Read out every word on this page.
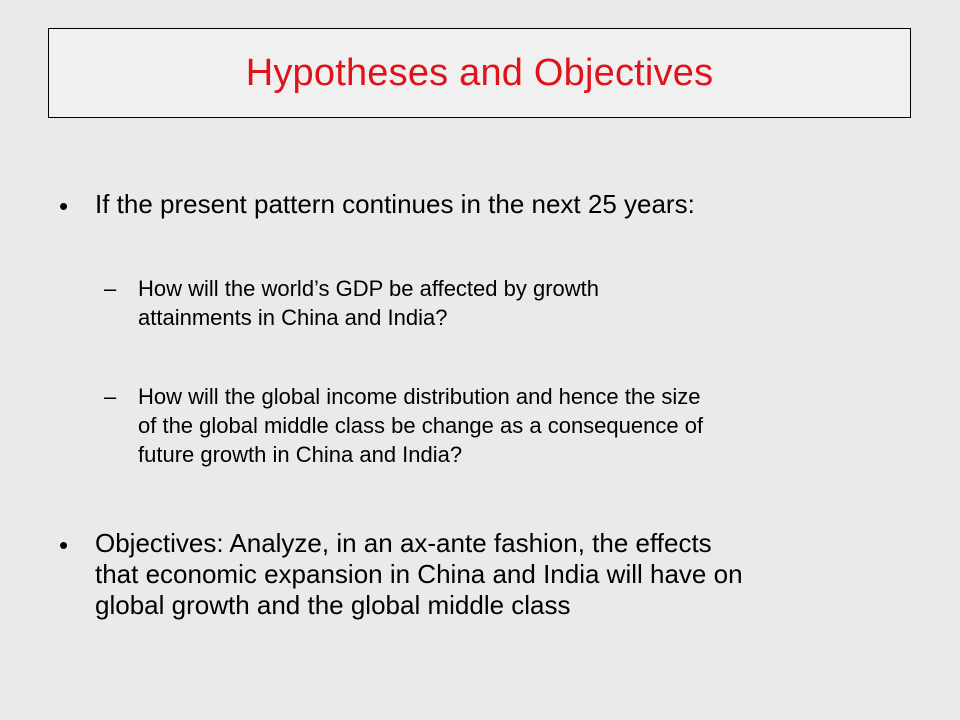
Hypotheses and Objectives
•	If the present pattern continues in the next 25 years:
– How will the world’s GDP be affected by growth
attainments in China and India?
– How will the global income distribution and hence the size
of the global middle class be change as a consequence of
future growth in China and India?
•	Objectives: Analyze, in an ax-ante fashion, the effects
that economic expansion in China and India will have on
global growth and the global middle class
